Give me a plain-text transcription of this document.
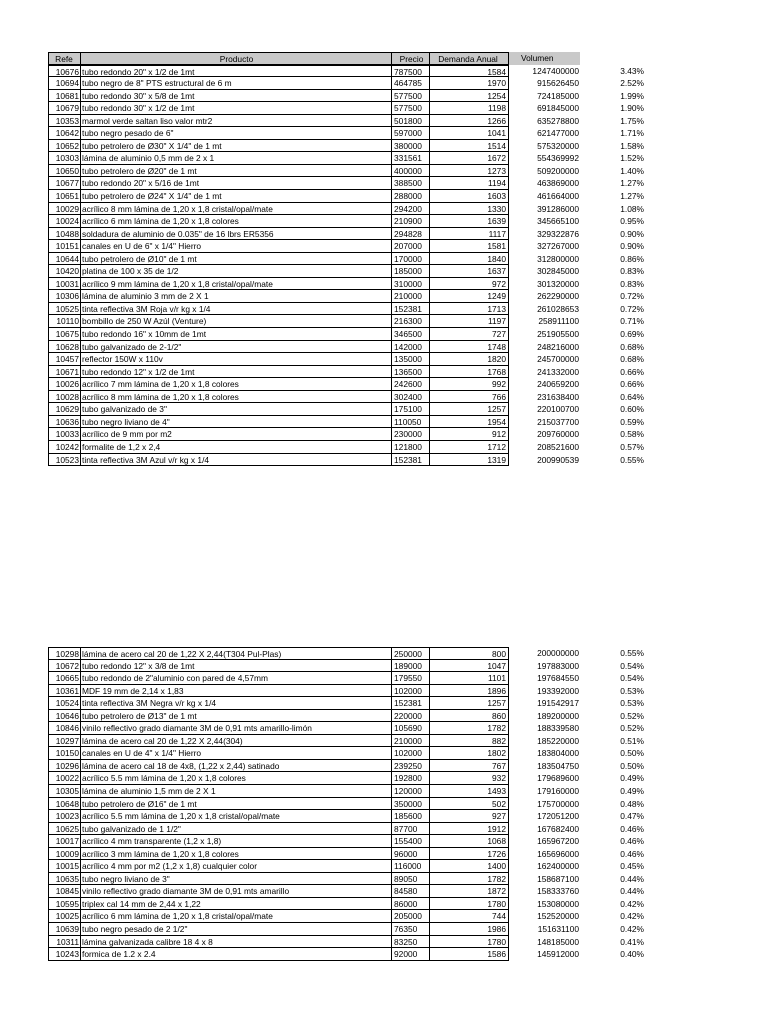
Refe	Producto	Precio	Demanda Anual	Volumen
10676 tubo redondo 20" x 1/2 de 1mt	787500	1584	1247400000	3.43%
10694 tubo negro de 8" PTS estructural de 6 m	464785	1970	915626450	2.52%
10681 tubo redondo 30" x 5/8 de 1mt	577500	1254	724185000	1.99%
10679 tubo redondo 30" x 1/2 de 1mt	577500	1198	691845000	1.90%
10353 marmol verde saltan liso valor mtr2	501800	1266	635278800	1.75%
10642 tubo negro pesado de 6"	597000	1041	621477000	1.71%
10652 tubo petrolero de Ø30" X 1/4" de 1 mt	380000	1514	575320000	1.58%
10303 lámina de aluminio 0,5 mm de 2 x 1	331561	1672	554369992	1.52%
10650 tubo petrolero de Ø20" de 1 mt	400000	1273	509200000	1.40%
10677 tubo redondo 20" x 5/16 de 1mt	388500	1194	463869000	1.27%
10651 tubo petrolero de Ø24" X 1/4" de 1 mt	288000	1603	461664000	1.27%
10029 acrílico 8 mm lámina de 1,20 x 1,8 cristal/opal/mate	294200	1330	391286000	1.08%
10024 acrílico 6 mm lámina de 1,20 x 1,8 colores	210900	1639	345665100	0.95%
10488 soldadura de aluminio de 0.035" de 16 lbrs ER5356	294828	1117	329322876	0.90%
10151 canales en U de 6" x 1/4" Hierro	207000	1581	327267000	0.90%
10644 tubo petrolero de Ø10" de 1 mt	170000	1840	312800000	0.86%
10420 platina de 100 x 35 de 1/2	185000	1637	302845000	0.83%
10031 acrílico 9 mm lámina de 1,20 x 1,8 cristal/opal/mate	310000	972	301320000	0.83%
10306 lámina de aluminio 3 mm de 2 X 1	210000	1249	262290000	0.72%
10525 tinta reflectiva 3M Roja v/r kg x 1/4	152381	1713	261028653	0.72%
10110 bombillo de 250 W Azúl (Venture)	216300	1197	258911100	0.71%
10675 tubo redondo 16" x 10mm de 1mt	346500	727	251905500	0.69%
10628 tubo galvanizado de 2-1/2"	142000	1748	248216000	0.68%
10457 reflector 150W x 110v	135000	1820	245700000	0.68%
10671 tubo redondo 12" x 1/2 de 1mt	136500	1768	241332000	0.66%
10026 acrílico 7 mm lámina de 1,20 x 1,8 colores	242600	992	240659200	0.66%
10028 acrílico 8 mm lámina de 1,20 x 1,8 colores	302400	766	231638400	0.64%
10629 tubo galvanizado de 3"	175100	1257	220100700	0.60%
10636 tubo negro liviano de 4"	110050	1954	215037700	0.59%
10033 acrílico de 9 mm por m2	230000	912	209760000	0.58%
10242 formalite de 1,2 x 2,4	121800	1712	208521600	0.57%
10523 tinta reflectiva 3M Azul v/r kg x 1/4	152381	1319	200990539	0.55%
10298 lámina de acero cal 20 de 1,22 X 2,44(T304 Pul-Plas)	250000	800	200000000	0.55%
10672 tubo redondo 12" x 3/8 de 1mt	189000	1047	197883000	0.54%
10665 tubo redondo de 2"aluminio con pared de 4,57mm	179550	1101	197684550	0.54%
10361 MDF 19 mm de 2,14 x 1,83	102000	1896	193392000	0.53%
10524 tinta reflectiva 3M Negra v/r kg x 1/4	152381	1257	191542917	0.53%
10646 tubo petrolero de Ø13" de 1 mt	220000	860	189200000	0.52%
10846 vinilo reflectivo grado diamante 3M de 0,91 mts amarillo-limón	105690	1782	188339580	0.52%
10297 lámina de acero cal 20 de 1,22 X 2,44(304)	210000	882	185220000	0.51%
10150 canales en U de 4" x 1/4" Hierro	102000	1802	183804000	0.50%
10296 lámina de acero cal 18 de 4x8, (1,22 x 2,44) satinado	239250	767	183504750	0.50%
10022 acrílico 5.5 mm lámina de 1,20 x 1,8 colores	192800	932	179689600	0.49%
10305 lámina de aluminio 1,5 mm de 2 X 1	120000	1493	179160000	0.49%
10648 tubo petrolero de Ø16" de 1 mt	350000	502	175700000	0.48%
10023 acrílico 5.5 mm lámina de 1,20 x 1,8 cristal/opal/mate	185600	927	172051200	0.47%
10625 tubo galvanizado de 1 1/2"	87700	1912	167682400	0.46%
10017 acrílico 4 mm transparente (1,2 x 1,8)	155400	1068	165967200	0.46%
10009 acrílico 3 mm lámina de 1,20 x 1,8 colores	96000	1726	165696000	0.46%
10015 acrílico 4 mm por m2 (1,2 x 1,8) cualquier color	116000	1400	162400000	0.45%
10635 tubo negro liviano de 3"	89050	1782	158687100	0.44%
10845 vinilo reflectivo grado diamante 3M de 0,91 mts amarillo	84580	1872	158333760	0.44%
10595 triplex cal 14 mm de 2,44 x 1,22	86000	1780	153080000	0.42%
10025 acrílico 6 mm lámina de 1,20 x 1,8 cristal/opal/mate	205000	744	152520000	0.42%
10639 tubo negro pesado de 2 1/2"	76350	1986	151631100	0.42%
10311 lámina galvanizada calibre 18 4 x 8	83250	1780	148185000	0.41%
10243 formica de 1.2 x 2.4	92000	1586	145912000	0.40%
